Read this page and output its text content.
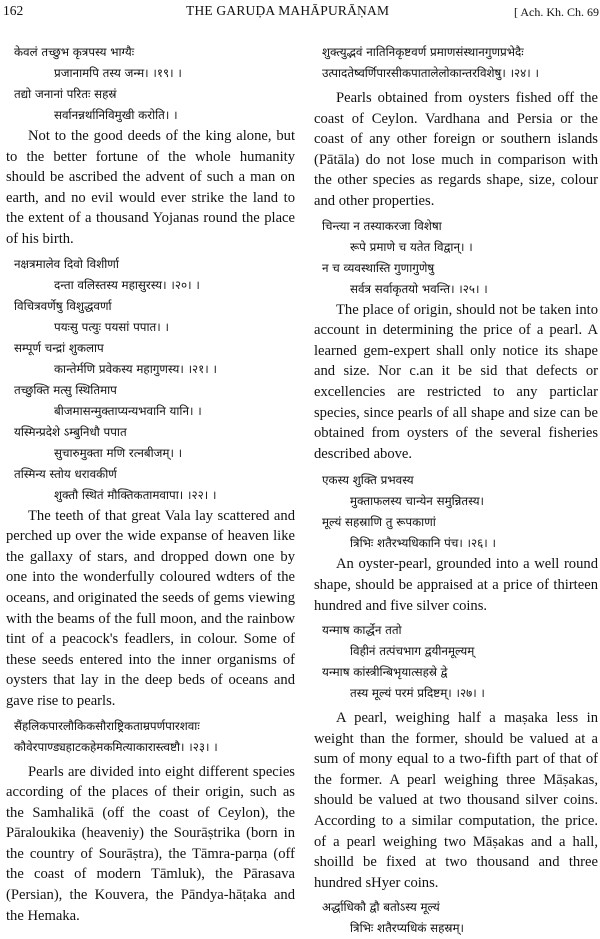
162	THE GARUḌA MAHĀPURĀṆAM	[ Ach. Kh. Ch. 69
केवलं तच्छुभ कृत्रपस्य भाग्यैः
प्रजानामपि तस्य जन्म। ।१९। ।
तद्यो जनानां परितः सहस्रं
सर्वानन्नर्थानिविमुखी करोति। ।

Not to the good deeds of the king alone, but to the better fortune of the whole humanity should be ascribed the advent of such a man on earth, and no evil would ever strike the land to the extent of a thousand Yojanas round the place of his birth.

नक्षत्रमालेव दिवो विशीर्णा
दन्ता वलिस्तस्य महासुरस्य। ।२०। ।
विचित्रवर्णेषु विशुद्धवर्णा
पयःसु पत्युः पयसां पपात। ।
सम्पूर्ण चन्द्रां शुकलाप
कान्तेर्मणि प्रवेकस्य महागुणस्य। ।२१। ।
तच्छुक्ति मत्सु स्थितिमाप
बीजमासन्मुक्ताप्यन्यभवानि यानि। ।
यस्मिन्प्रदेशे ऽम्बुनिधौ पपात
सुचारुमुक्ता मणि रत्नबीजम्। ।
तस्मिन्य स्तोय धरावकीर्ण
शुक्तौ स्थितं मौक्तिकतामवापा। ।२२। ।

The teeth of that great Vala lay scattered and perched up over the wide expanse of heaven like the gallaxy of stars, and dropped down one by one into the wonderfully coloured wdters of the oceans, and originated the seeds of gems viewing with the beams of the full moon, and the rainbow tint of a peacock's feadlers, in colour. Some of these seeds entered into the inner organisms of oysters that lay in the deep beds of oceans and gave rise to pearls.

सैंहलिकपारलौकिकसौराष्ट्रिकताम्रपर्णपारशवाः
कौवेरपाण्ड्यहाटकहेमकमित्याकारास्त्वष्टौ। ।२३। ।

Pearls are divided into eight different species according of the places of their origin, such as the Samhalikā (off the coast of Ceylon), the Pāraloukika (heaveniy) the Sourāṣtrika (born in the country of Sourāṣtra), the Tāmra-parṇa (off the coast of modern Tāmluk), the Pārasava (Persian), the Kouvera, the Pāndya-hāṭaka and the Hemaka.

शुक्त्युद्भवं नातिनिकृष्टवर्ण प्रमाणसंस्थानगुणप्रभेदैः
उत्पादतेष्वर्णिपारसीकपातालेलोकान्तरविशेषु। ।२४। ।

Pearls obtained from oysters fished off the coast of Ceylon. Vardhana and Persia or the coast of any other foreign or southern islands (Pātāla) do not lose much in comparison with the other species as regards shape, size, colour and other properties.

चिन्त्या न तस्याकरजा विशेषा
रूपे प्रमाणे च यतेत विद्वान्। ।
न च व्यवस्थास्ति गुणागुणेषु
सर्वत्र सर्वाकृतयो भवन्ति। ।२५। ।

The place of origin, should not be taken into account in determining the price of a pearl. A learned gem-expert shall only notice its shape and size. Nor c.an it be sid that defects or excellencies are restricted to any particlar species, since pearls of all shape and size can be obtained from oysters of the several fisheries described above.

एकस्य शुक्ति प्रभवस्य
मुक्ताफलस्य चान्येन समुन्नितस्य।
मूल्यं सहस्राणि तु रूपकाणां
त्रिभिः शतैरभ्यधिकानि पंच। ।२६। ।

An oyster-pearl, grounded into a well round shape, should be appraised at a price of thirteen hundred and five silver coins.

यन्माष कार्द्धेन ततो
विहीनं तत्पंचभाग द्वयीनमूल्यम्
यन्माष कांस्त्रीन्बिभृयात्सहस्रे द्वे
तस्य मूल्यं परमं प्रदिष्टम्। ।२७। ।

A pearl, weighing half a maṣaka less in weight than the former, should be valued at a sum of mony equal to a two-fifth part of that of the former. A pearl weighing three Māṣakas, should be valued at two thousand silver coins. According to a similar computation, the price. of a pearl weighing two Māṣakas and a hall, shoilld be fixed at two thousand and three hundred sHyer coins.

अर्द्धाधिकौ द्वौ बतोऽस्य मूल्यं
त्रिभिः शतैरप्यधिकं सहस्रम्।
